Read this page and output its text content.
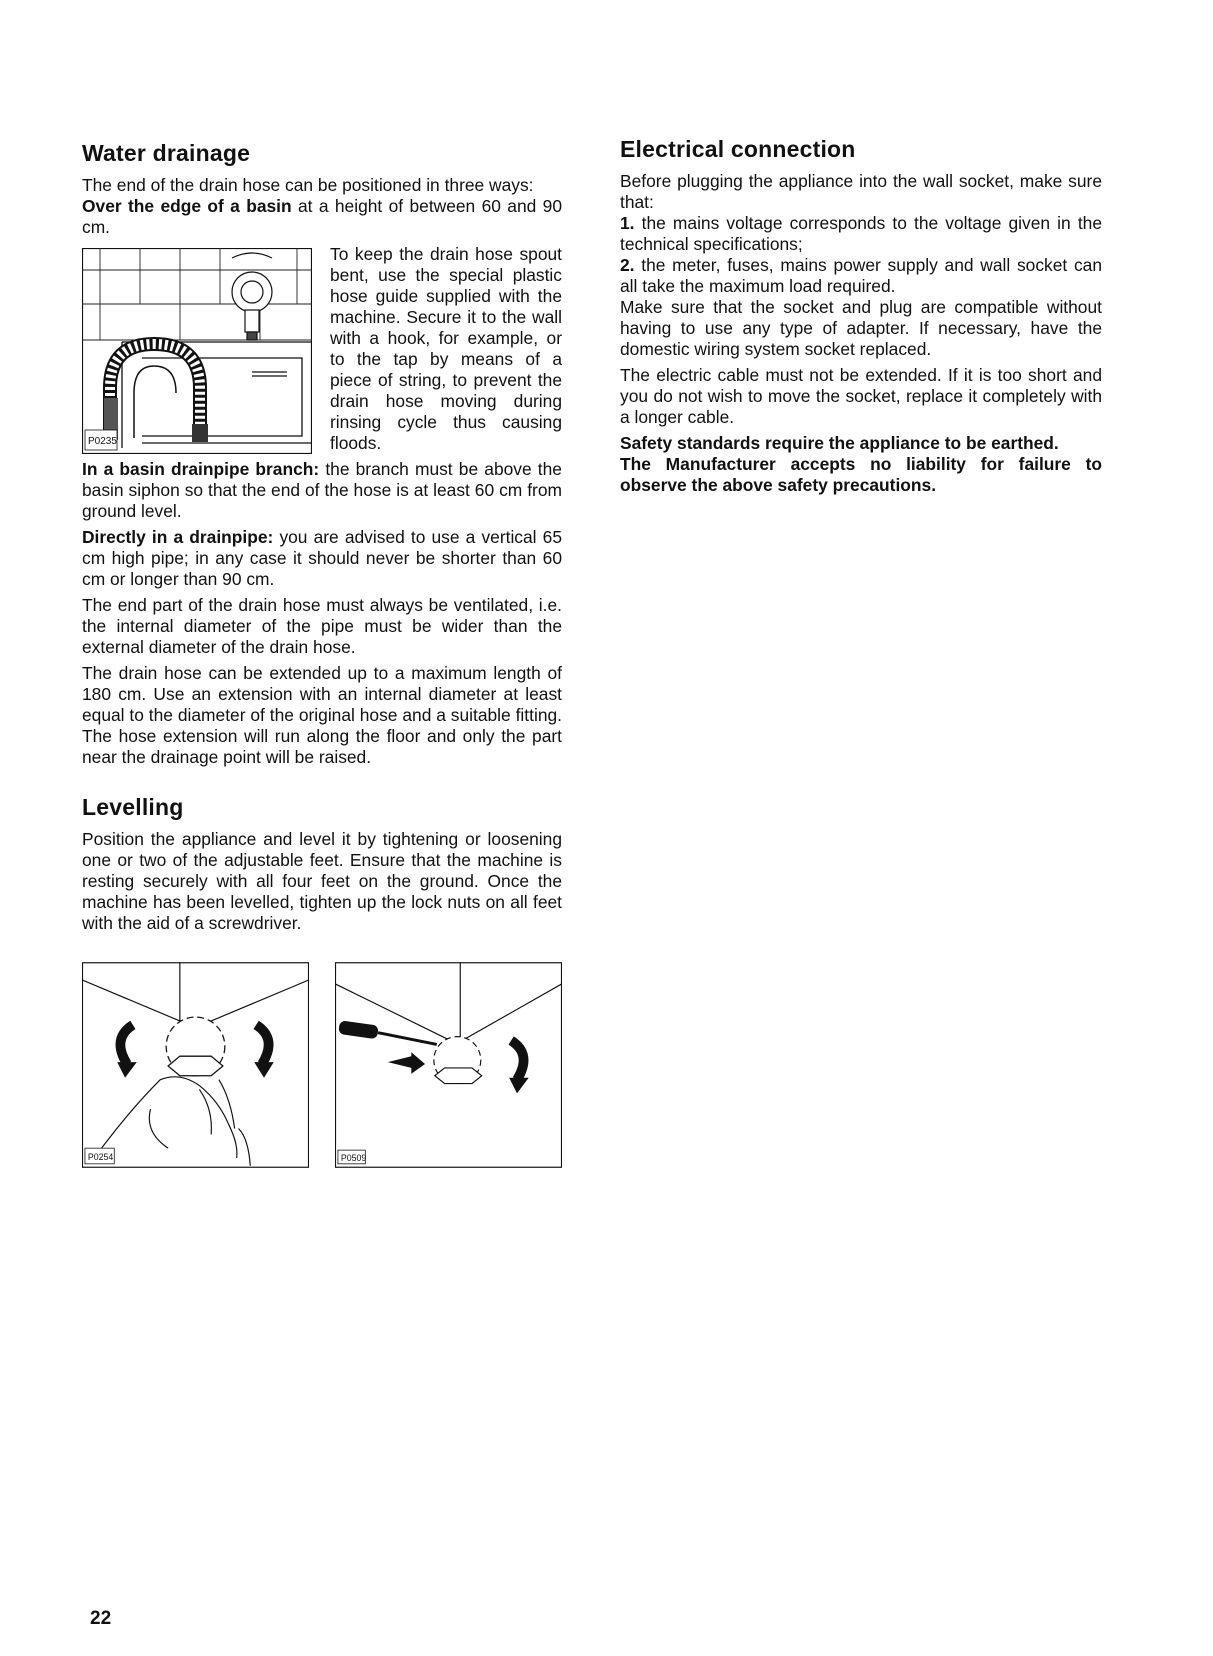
Water drainage

The end of the drain hose can be positioned in three ways:

Over the edge of a basin at a height of between 60 and 90 cm.

P0235

To keep the drain hose spout bent, use the special plastic hose guide supplied with the machine. Secure it to the wall with a hook, for example, or to the tap by means of a piece of string, to prevent the drain hose moving during rinsing cycle thus causing floods.

In a basin drainpipe branch: the branch must be above the basin siphon so that the end of the hose is at least 60 cm from ground level.

Directly in a drainpipe: you are advised to use a vertical 65 cm high pipe; in any case it should never be shorter than 60 cm or longer than 90 cm.

The end part of the drain hose must always be ventilated, i.e. the internal diameter of the pipe must be wider than the external diameter of the drain hose.

The drain hose can be extended up to a maximum length of 180 cm. Use an extension with an internal diameter at least equal to the diameter of the original hose and a suitable fitting. The hose extension will run along the floor and only the part near the drainage point will be raised.

Levelling

Position the appliance and level it by tightening or loosening one or two of the adjustable feet. Ensure that the machine is resting securely with all four feet on the ground. Once the machine has been levelled, tighten up the lock nuts on all feet with the aid of a screwdriver.

P0254	P0509
Electrical connection

Before plugging the appliance into the wall socket, make sure that:

1. the mains voltage corresponds to the voltage given in the technical specifications;

2. the meter, fuses, mains power supply and wall socket can all take the maximum load required.

Make sure that the socket and plug are compatible without having to use any type of adapter. If necessary, have the domestic wiring system socket replaced.

The electric cable must not be extended. If it is too short and you do not wish to move the socket, replace it completely with a longer cable.

Safety standards require the appliance to be earthed.

The Manufacturer accepts no liability for failure to observe the above safety precautions.

22
